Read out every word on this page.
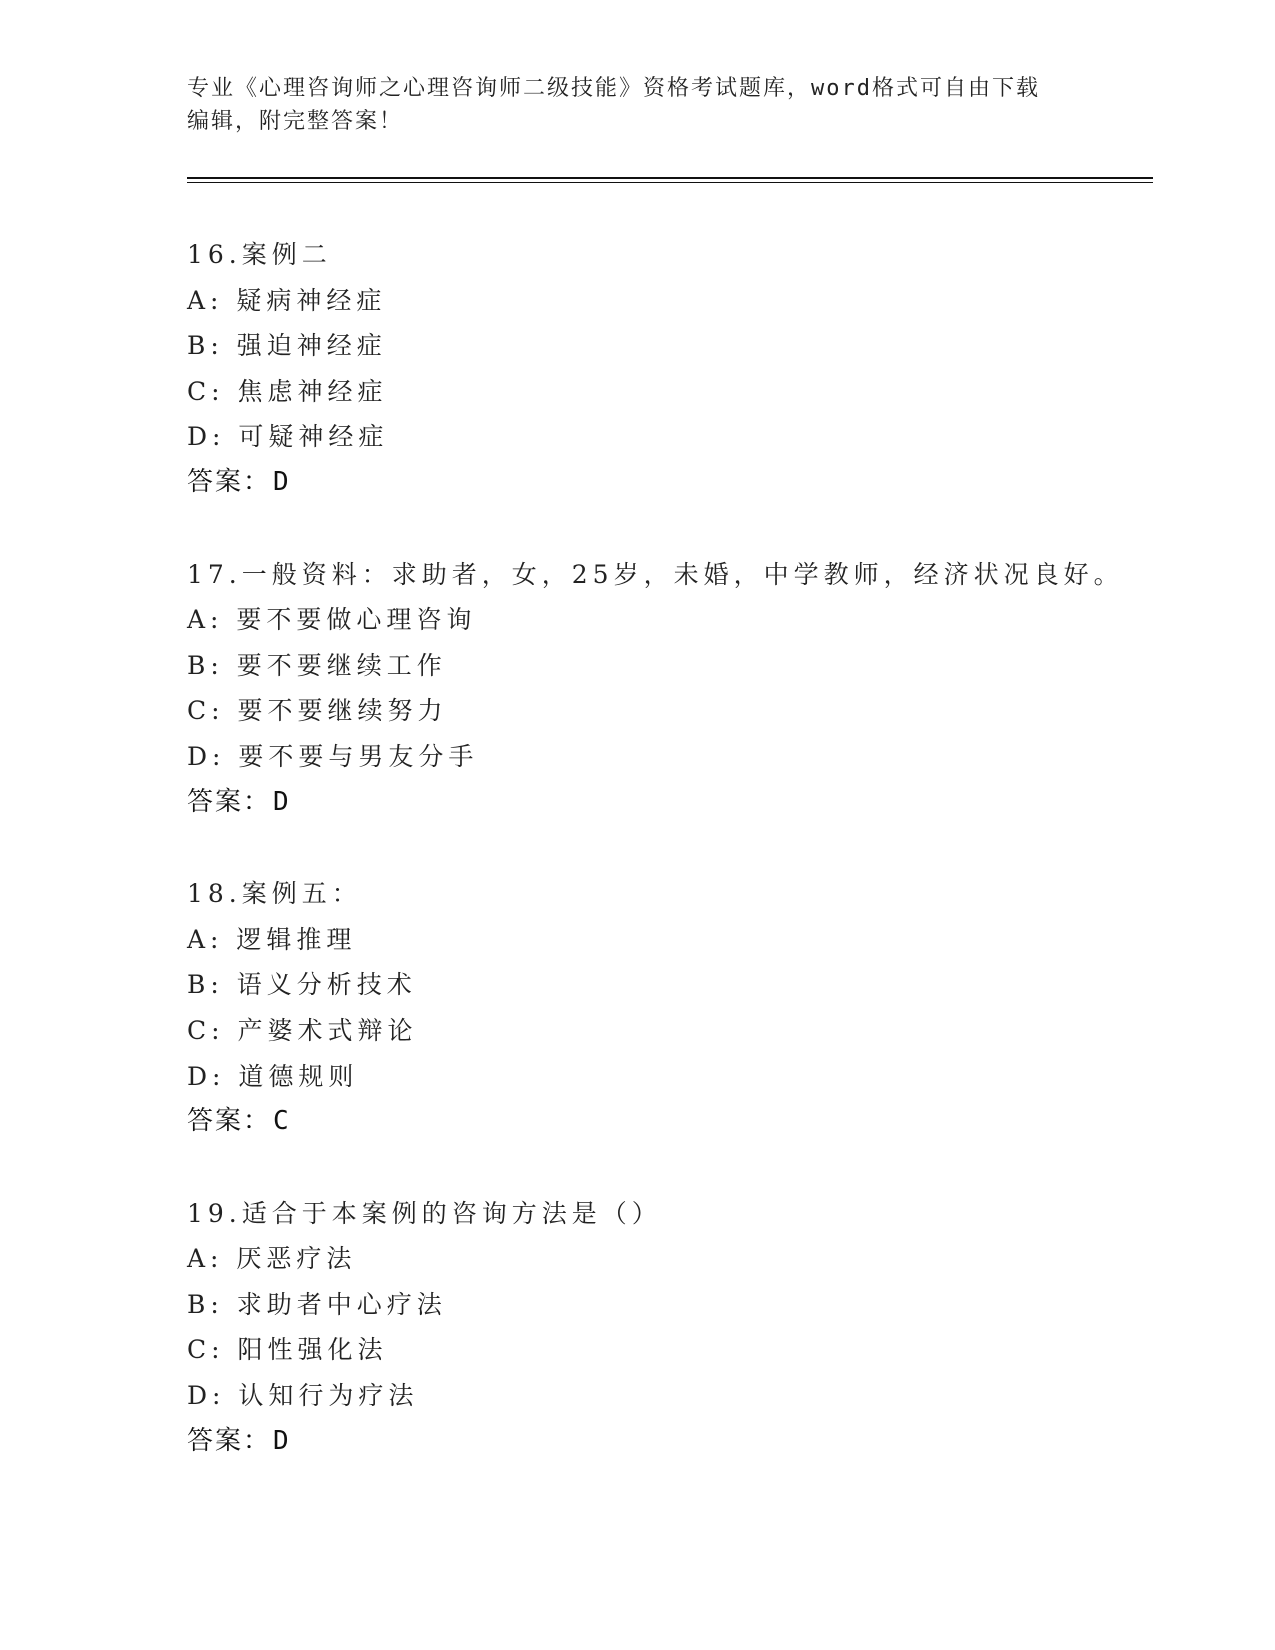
专业《心理咨询师之心理咨询师二级技能》资格考试题库，word格式可自由下载
编辑，附完整答案！
16.案例二
A: 疑病神经症
B: 强迫神经症
C: 焦虑神经症
D: 可疑神经症
答案：D
17.一般资料：求助者，女，25岁，未婚，中学教师，经济状况良好。
A: 要不要做心理咨询
B: 要不要继续工作
C: 要不要继续努力
D: 要不要与男友分手
答案：D
18.案例五：
A: 逻辑推理
B: 语义分析技术
C: 产婆术式辩论
D: 道德规则
答案：C
19.适合于本案例的咨询方法是（）
A: 厌恶疗法
B: 求助者中心疗法
C: 阳性强化法
D: 认知行为疗法
答案：D
